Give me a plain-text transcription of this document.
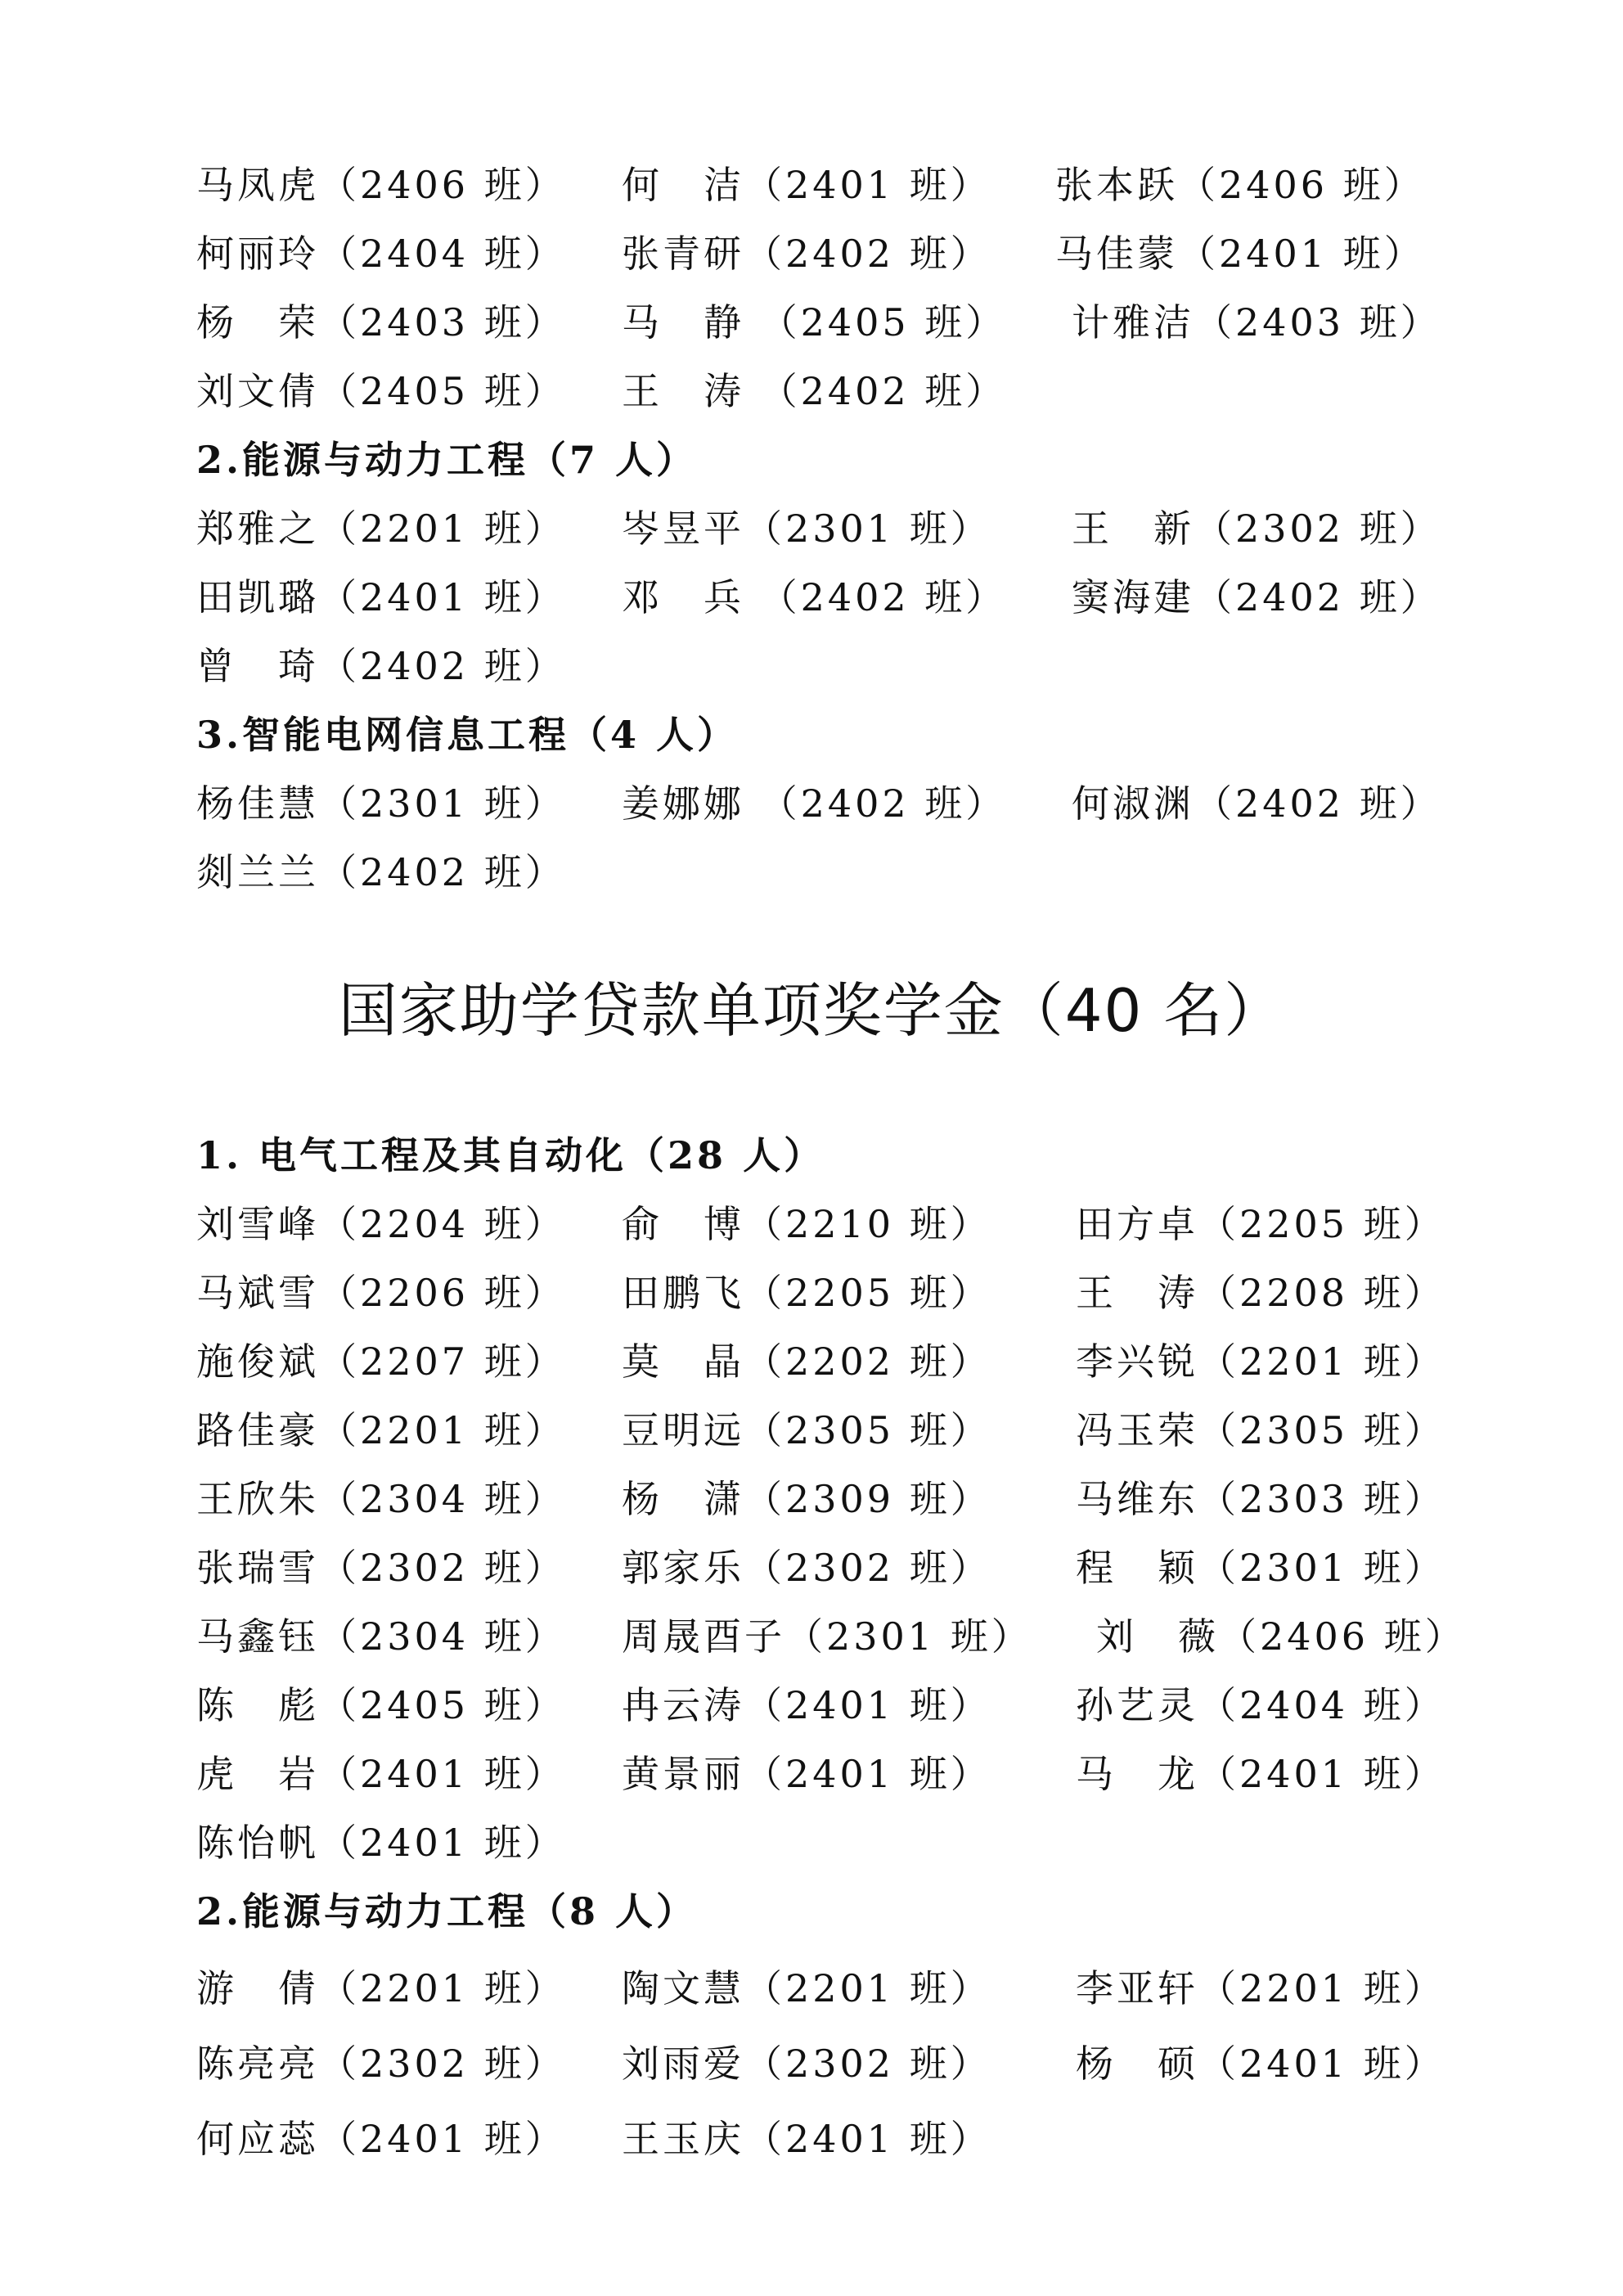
马凤虎（2406 班） 何　洁（2401 班） 张本跃（2406 班）
柯丽玲（2404 班） 张青研（2402 班） 马佳蒙（2401 班）
杨　荣（2403 班） 马　静 （2405 班） 计雅洁（2403 班）
刘文倩（2405 班） 王　涛 （2402 班）
2.能源与动力工程（7 人）
郑雅之（2201 班） 岑昱平（2301 班） 王　新（2302 班）
田凯璐（2401 班） 邓　兵 （2402 班） 窦海建（2402 班）
曾　琦（2402 班）
3.智能电网信息工程（4 人）
杨佳慧（2301 班） 姜娜娜 （2402 班） 何淑渊（2402 班）
剡兰兰（2402 班）
国家助学贷款单项奖学金（40 名）
1. 电气工程及其自动化（28 人）
刘雪峰（2204 班） 俞　博（2210 班） 田方卓（2205 班）
马斌雪（2206 班） 田鹏飞（2205 班） 王　涛（2208 班）
施俊斌（2207 班） 莫　晶（2202 班） 李兴锐（2201 班）
路佳豪（2201 班） 豆明远（2305 班） 冯玉荣（2305 班）
王欣朱（2304 班） 杨　潇（2309 班） 马维东（2303 班）
张瑞雪（2302 班） 郭家乐（2302 班） 程　颖（2301 班）
马鑫钰（2304 班） 周晟酉子（2301 班） 刘　薇（2406 班）
陈　彪（2405 班） 冉云涛（2401 班） 孙艺灵（2404 班）
虎　岩（2401 班） 黄景丽（2401 班） 马　龙（2401 班）
陈怡帆（2401 班）
2.能源与动力工程（8 人）
游　倩（2201 班） 陶文慧（2201 班） 李亚轩（2201 班）
陈亮亮（2302 班） 刘雨爱（2302 班） 杨　硕（2401 班）
何应蕊（2401 班） 王玉庆（2401 班）
